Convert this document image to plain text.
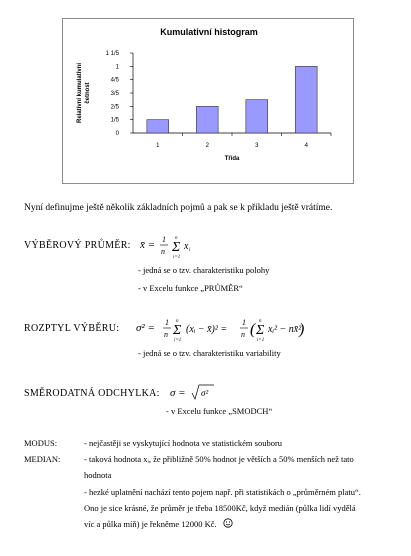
Kumulativní histogram
0
1/5
2/5
3/5
4/5
1
1 1/5
1	2	3	4
Třída
Relativní kumulativní četnost
Nyní definujme ještě několik základních pojmů a pak se k příkladu ještě vrátíme.
VÝBĚROVÝ PRŮMĚR: x̄ = 1
n Σ
n
i=1
x i
- jedná se o tzv. charakteristiku polohy
- v Excelu funkce „PRŮMĚR“
ROZPTYL VÝBĚRU: σ² = 1
n Σ
n
i=1
(xᵢ − x̄)² =
1
n ( Σ
n
i=1
xᵢ² − nx̄²
)
- jedná se o tzv. charakteristiku variability
SMĚRODATNÁ ODCHYLKA: σ = σ²
- v Excelu funkce „SMODCH“
MODUS:	- nejčastěji se vyskytující hodnota ve statistickém souboru
MEDIAN:	- taková hodnota xᵢ, že přibližně 50% hodnot je větších a 50% menších než tato
hodnota
- hezké uplatnění nachází tento pojem např. při statistikách o „průměrném platu“.
Ono je sice krásné, že průměr je třeba 18500Kč, když medián (půlka lidí vydělá
víc a půlka míň) je řekněme 12000 Kč.
